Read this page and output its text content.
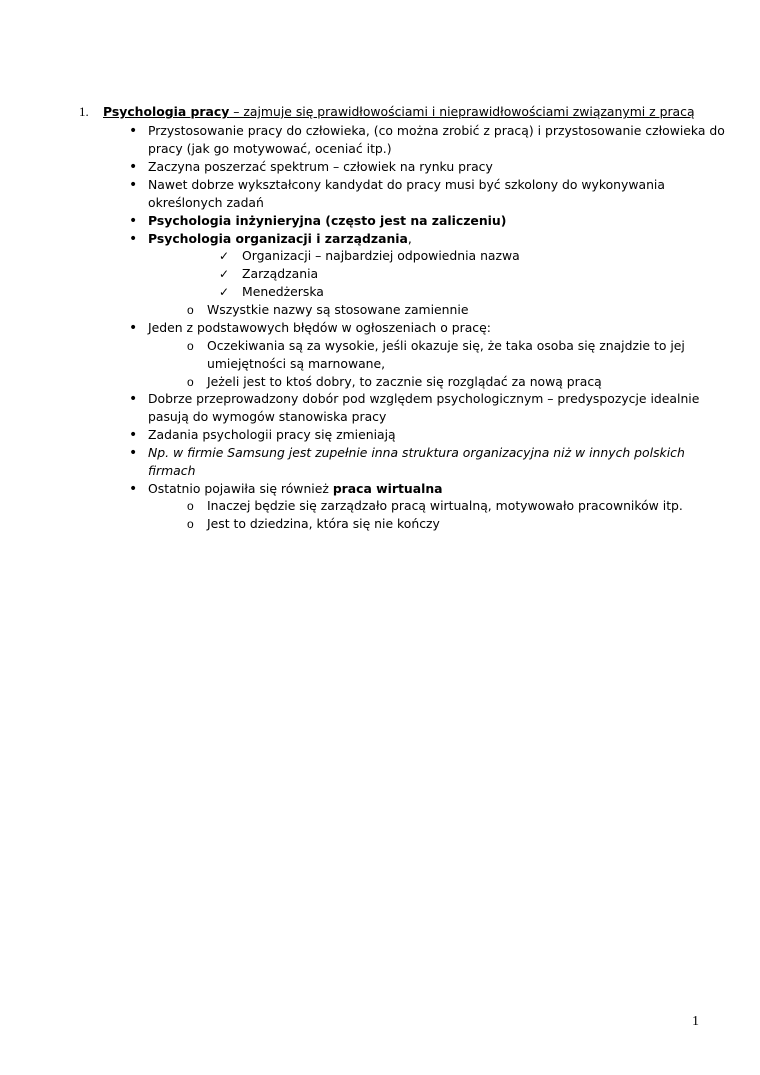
1. Psychologia pracy – zajmuje się prawidłowościami i nieprawidłowościami związanymi z pracą
• Przystosowanie pracy do człowieka, (co można zrobić z pracą) i przystosowanie człowieka do
pracy (jak go motywować, oceniać itp.)
• Zaczyna poszerzać spektrum – człowiek na rynku pracy
• Nawet dobrze wykształcony kandydat do pracy musi być szkolony do wykonywania
określonych zadań
• Psychologia inżynieryjna (często jest na zaliczeniu)
• Psychologia organizacji i zarządzania,
✓ Organizacji – najbardziej odpowiednia nazwa
✓ Zarządzania
✓ Menedżerska
o Wszystkie nazwy są stosowane zamiennie
• Jeden z podstawowych błędów w ogłoszeniach o pracę:
o Oczekiwania są za wysokie, jeśli okazuje się, że taka osoba się znajdzie to jej
umiejętności są marnowane,
o Jeżeli jest to ktoś dobry, to zacznie się rozglądać za nową pracą
• Dobrze przeprowadzony dobór pod względem psychologicznym – predyspozycje idealnie
pasują do wymogów stanowiska pracy
• Zadania psychologii pracy się zmieniają
• Np. w firmie Samsung jest zupełnie inna struktura organizacyjna niż w innych polskich
firmach
• Ostatnio pojawiła się również praca wirtualna
o Inaczej będzie się zarządzało pracą wirtualną, motywowało pracowników itp.
o Jest to dziedzina, która się nie kończy
1
